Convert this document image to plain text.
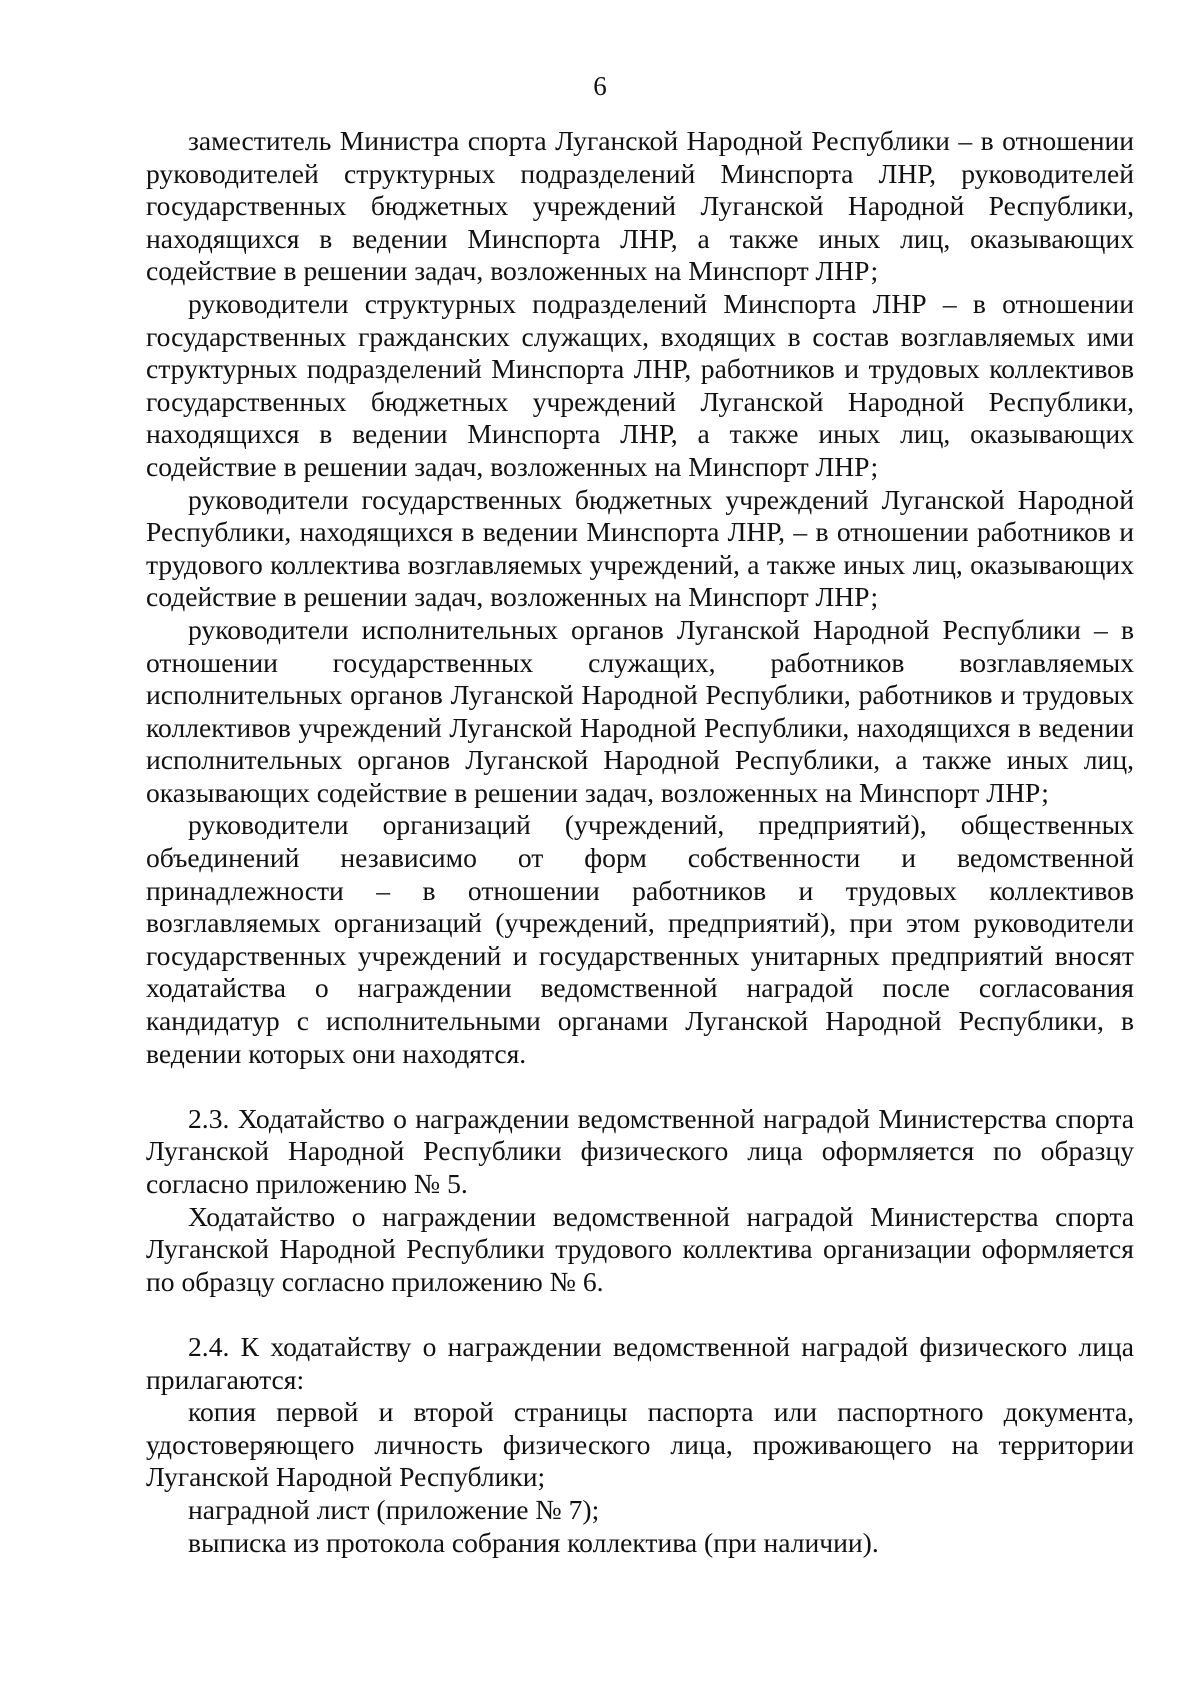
6

заместитель Министра спорта Луганской Народной Республики – в отношении руководителей структурных подразделений Минспорта ЛНР, руководителей государственных бюджетных учреждений Луганской Народной Республики, находящихся в ведении Минспорта ЛНР, а также иных лиц, оказывающих содействие в решении задач, возложенных на Минспорт ЛНР;

руководители структурных подразделений Минспорта ЛНР – в отношении государственных гражданских служащих, входящих в состав возглавляемых ими структурных подразделений Минспорта ЛНР, работников и трудовых коллективов государственных бюджетных учреждений Луганской Народной Республики, находящихся в ведении Минспорта ЛНР, а также иных лиц, оказывающих содействие в решении задач, возложенных на Минспорт ЛНР;

руководители государственных бюджетных учреждений Луганской Народной Республики, находящихся в ведении Минспорта ЛНР, – в отношении работников и трудового коллектива возглавляемых учреждений, а также иных лиц, оказывающих содействие в решении задач, возложенных на Минспорт ЛНР;

руководители исполнительных органов Луганской Народной Республики – в отношении государственных служащих, работников возглавляемых исполнительных органов Луганской Народной Республики, работников и трудовых коллективов учреждений Луганской Народной Республики, находящихся в ведении исполнительных органов Луганской Народной Республики, а также иных лиц, оказывающих содействие в решении задач, возложенных на Минспорт ЛНР;

руководители организаций (учреждений, предприятий), общественных объединений независимо от форм собственности и ведомственной принадлежности – в отношении работников и трудовых коллективов возглавляемых организаций (учреждений, предприятий), при этом руководители государственных учреждений и государственных унитарных предприятий вносят ходатайства о награждении ведомственной наградой после согласования кандидатур с исполнительными органами Луганской Народной Республики, в ведении которых они находятся.

2.3. Ходатайство о награждении ведомственной наградой Министерства спорта Луганской Народной Республики физического лица оформляется по образцу согласно приложению № 5.

Ходатайство о награждении ведомственной наградой Министерства спорта Луганской Народной Республики трудового коллектива организации оформляется по образцу согласно приложению № 6.

2.4. К ходатайству о награждении ведомственной наградой физического лица прилагаются:

копия первой и второй страницы паспорта или паспортного документа, удостоверяющего личность физического лица, проживающего на территории Луганской Народной Республики;

наградной лист (приложение № 7);

выписка из протокола собрания коллектива (при наличии).
